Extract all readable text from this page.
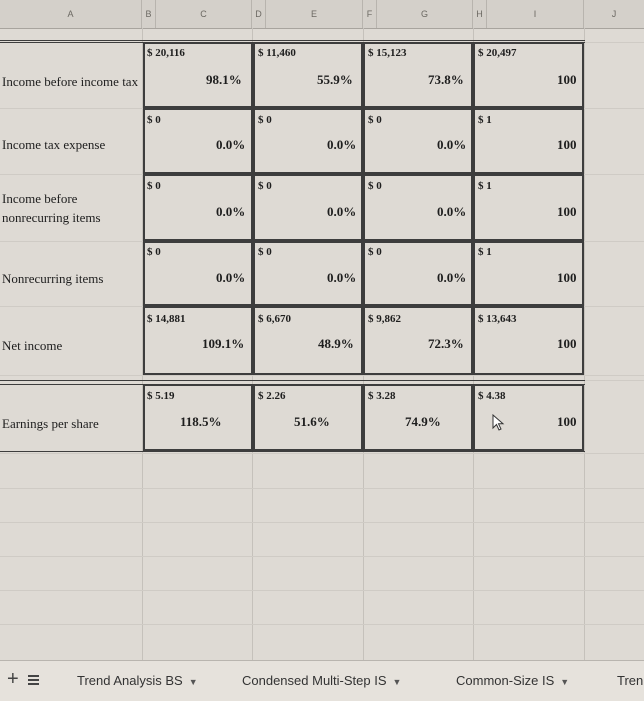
A	B	C	D	E	F	G	H	I	J
Income before income tax
$ 20,116	$ 11,460	$ 15,123	$ 20,497
98.1%	55.9%	73.8%	100
Income tax expense
$ 0	$ 0	$ 0	$ 1
0.0%	0.0%	0.0%	100
Income before
nonrecurring items
$ 0	$ 0	$ 0	$ 1
0.0%	0.0%	0.0%	100
Nonrecurring items
$ 0	$ 0	$ 0	$ 1
0.0%	0.0%	0.0%	100
Net income
$ 14,881	$ 6,670	$ 9,862	$ 13,643
109.1%	48.9%	72.3%	100
Earnings per share
$ 5.19	$ 2.26	$ 3.28	$ 4.38
118.5%	51.6%	74.9%	100
+	Trend Analysis BS ▼	Condensed Multi-Step IS ▼	Common-Size IS ▼	Tren
